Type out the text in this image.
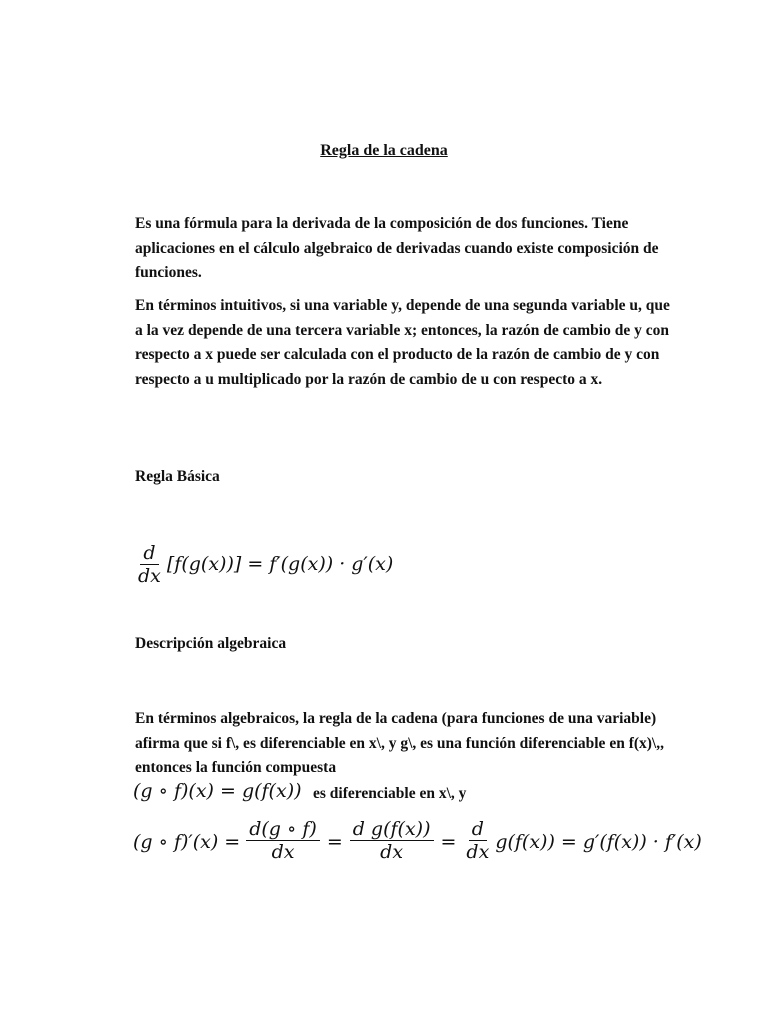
Regla de la cadena
Es una fórmula para la derivada de la composición de dos funciones. Tiene aplicaciones en el cálculo algebraico de derivadas cuando existe composición de funciones.
En términos intuitivos, si una variable y, depende de una segunda variable u, que a la vez depende de una tercera variable x; entonces, la razón de cambio de y con respecto a x puede ser calculada con el producto de la razón de cambio de y con respecto a u multiplicado por la razón de cambio de u con respecto a x.
Regla Básica
$\frac{d}{dx} [f(g(x))] = f'(g(x)) \cdot g'(x)$
Descripción algebraica
En términos algebraicos, la regla de la cadena (para funciones de una variable) afirma que si f\, es diferenciable en x\, y g\, es una función diferenciable en f(x)\,, entonces la función compuesta
(g ∘ f)(x) = g(f(x)) es diferenciable en x\, y
(g ∘ $f)'(x) = \frac{d(g \circ f)}{dx} = \frac{\text{d g(f(x))}}{dx} = \frac{d}{dx} g(f(x)) = g'(f(x)) \cdot f'(x)$
